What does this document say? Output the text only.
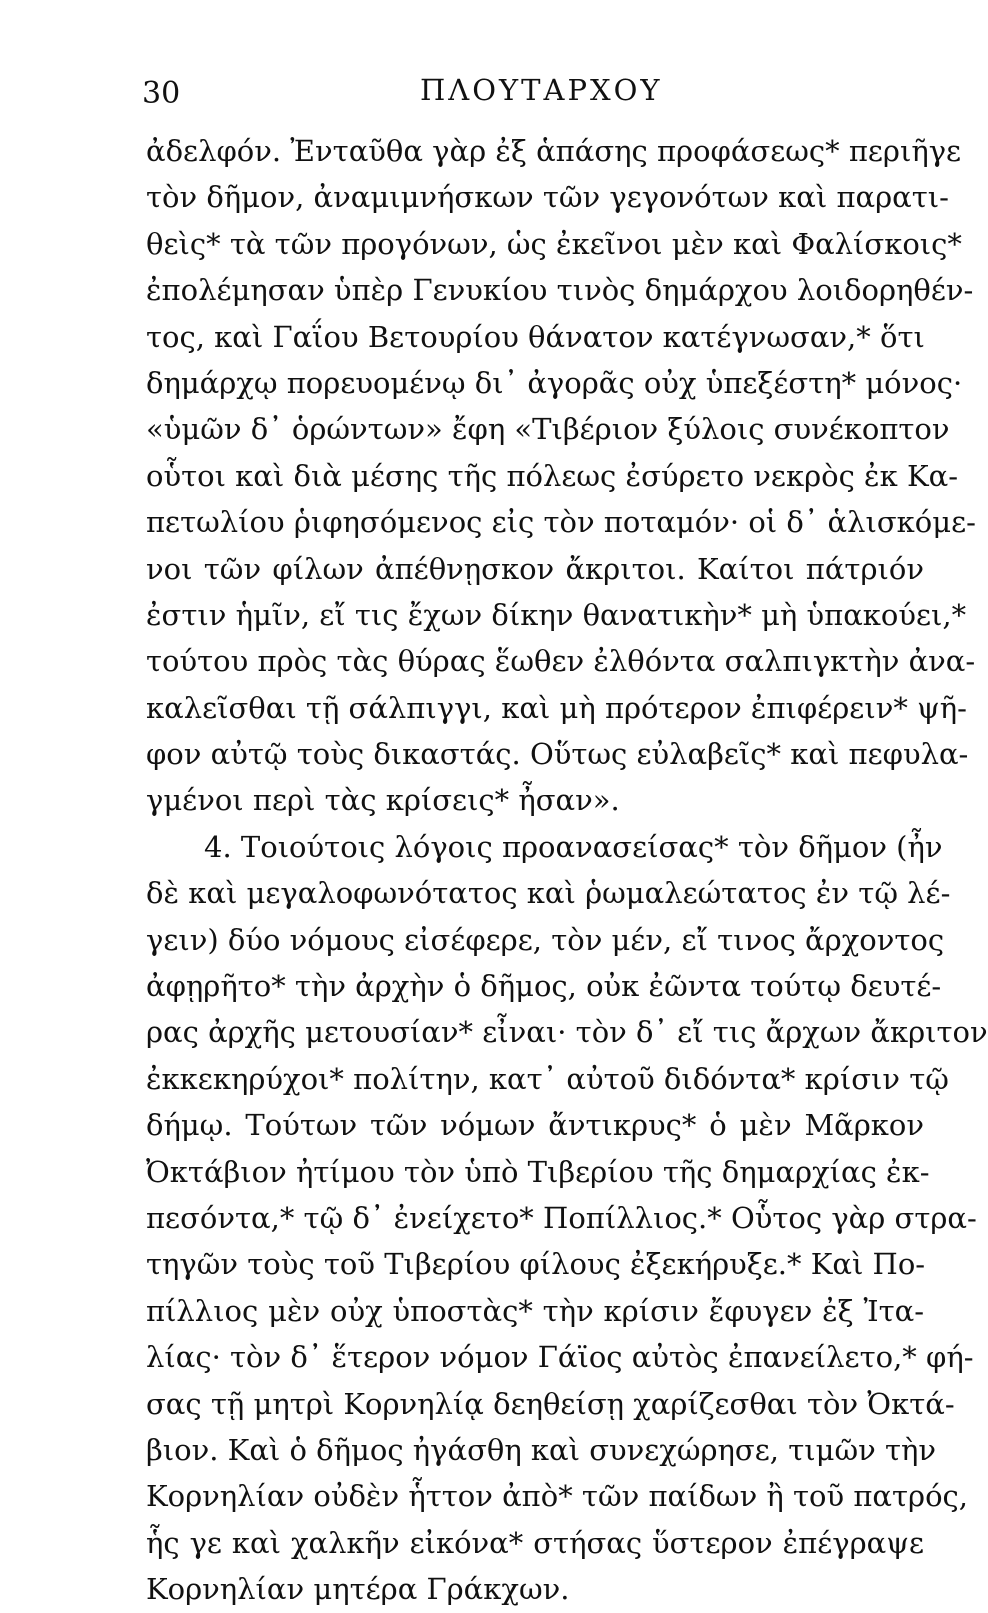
30	ΠΛΟΥΤΑΡΧΟΥ
ἀδελφόν. Ἐνταῦθα γὰρ ἐξ ἁπάσης προφάσεως* περιῆγε
τὸν δῆμον, ἀναμιμνήσκων τῶν γεγονότων καὶ παρατι-
θεὶς* τὰ τῶν προγόνων, ὡς ἐκεῖνοι μὲν καὶ Φαλίσκοις*
ἐπολέμησαν ὑπὲρ Γενυκίου τινὸς δημάρχου λοιδορηθέν-
τος, καὶ Γαΐου Βετουρίου θάνατον κατέγνωσαν,* ὅτι
δημάρχῳ πορευομένῳ δι᾽ ἀγορᾶς οὐχ ὑπεξέστη* μόνος·
«ὑμῶν δ᾽ ὁρώντων» ἔφη «Τιβέριον ξύλοις συνέκοπτον
οὗτοι καὶ διὰ μέσης τῆς πόλεως ἐσύρετο νεκρὸς ἐκ Κα-
πετωλίου ῥιφησόμενος εἰς τὸν ποταμόν· οἱ δ᾽ ἁλισκόμε-
νοι τῶν φίλων ἀπέθνῃσκον ἄκριτοι. Καίτοι πάτριόν
ἐστιν ἡμῖν, εἴ τις ἔχων δίκην θανατικὴν* μὴ ὑπακούει,*
τούτου πρὸς τὰς θύρας ἕωθεν ἐλθόντα σαλπιγκτὴν ἀνα-
καλεῖσθαι τῇ σάλπιγγι, καὶ μὴ πρότερον ἐπιφέρειν* ψῆ-
φον αὐτῷ τοὺς δικαστάς. Οὕτως εὐλαβεῖς* καὶ πεφυλα-
γμένοι περὶ τὰς κρίσεις* ἦσαν».
4. Τοιούτοις λόγοις προανασείσας* τὸν δῆμον (ἦν
δὲ καὶ μεγαλοφωνότατος καὶ ῥωμαλεώτατος ἐν τῷ λέ-
γειν) δύο νόμους εἰσέφερε, τὸν μέν, εἴ τινος ἄρχοντος
ἀφῃρῆτο* τὴν ἀρχὴν ὁ δῆμος, οὐκ ἐῶντα τούτῳ δευτέ-
ρας ἀρχῆς μετουσίαν* εἶναι· τὸν δ᾽ εἴ τις ἄρχων ἄκριτον
ἐκκεκηρύχοι* πολίτην, κατ᾽ αὐτοῦ διδόντα* κρίσιν τῷ
δήμῳ. Τούτων τῶν νόμων ἄντικρυς* ὁ μὲν Μᾶρκον
Ὀκτάβιον ἠτίμου τὸν ὑπὸ Τιβερίου τῆς δημαρχίας ἐκ-
πεσόντα,* τῷ δ᾽ ἐνείχετο* Ποπίλλιος.* Οὗτος γὰρ στρα-
τηγῶν τοὺς τοῦ Τιβερίου φίλους ἐξεκήρυξε.* Καὶ Πο-
πίλλιος μὲν οὐχ ὑποστὰς* τὴν κρίσιν ἔφυγεν ἐξ Ἰτα-
λίας· τὸν δ᾽ ἕτερον νόμον Γάϊος αὐτὸς ἐπανείλετο,* φή-
σας τῇ μητρὶ Κορνηλίᾳ δεηθείσῃ χαρίζεσθαι τὸν Ὀκτά-
βιον. Καὶ ὁ δῆμος ἠγάσθη καὶ συνεχώρησε, τιμῶν τὴν
Κορνηλίαν οὐδὲν ἧττον ἀπὸ* τῶν παίδων ἢ τοῦ πατρός,
ἧς γε καὶ χαλκῆν εἰκόνα* στήσας ὕστερον ἐπέγραψε
Κορνηλίαν μητέρα Γράκχων.
